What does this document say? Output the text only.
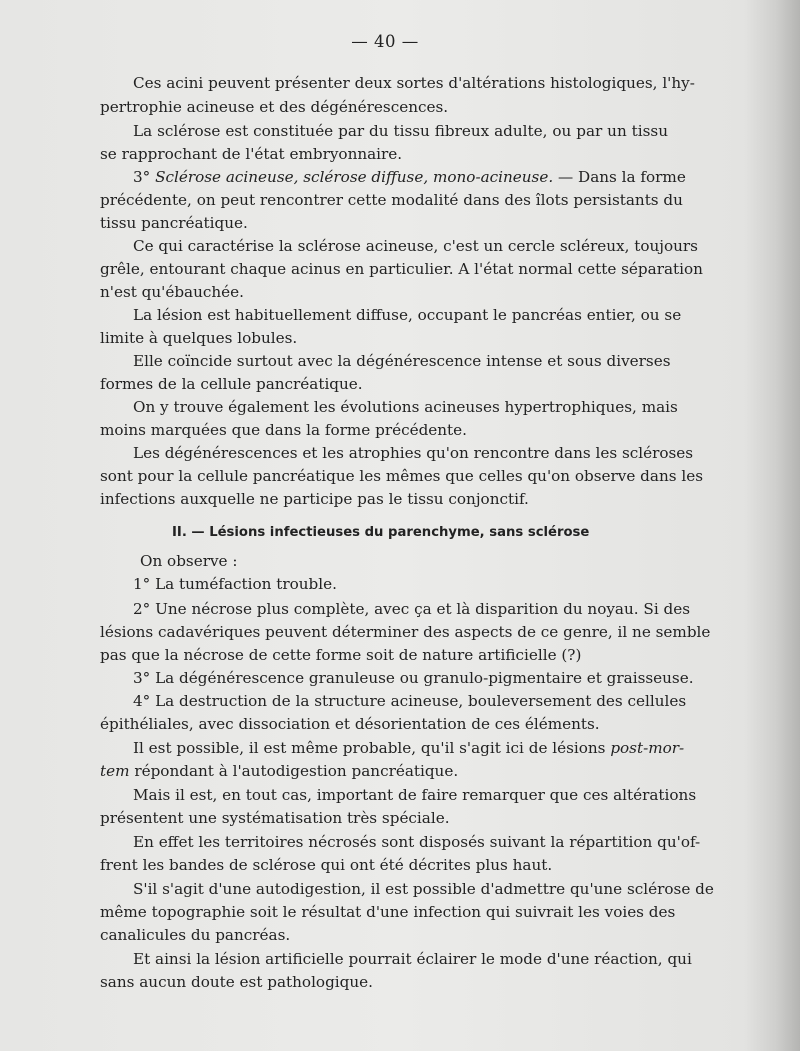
— 40 —
Ces acini peuvent présenter deux sortes d'altérations histologiques, l'hy-
pertrophie acineuse et des dégénérescences.
La sclérose est constituée par du tissu fibreux adulte, ou par un tissu
se rapprochant de l'état embryonnaire.
3° Sclérose acineuse, sclérose diffuse, mono-acineuse. — Dans la forme
précédente, on peut rencontrer cette modalité dans des îlots persistants du
tissu pancréatique.
Ce qui caractérise la sclérose acineuse, c'est un cercle scléreux, toujours
grêle, entourant chaque acinus en particulier. A l'état normal cette séparation
n'est qu'ébauchée.
La lésion est habituellement diffuse, occupant le pancréas entier, ou se
limite à quelques lobules.
Elle coïncide surtout avec la dégénérescence intense et sous diverses
formes de la cellule pancréatique.
On y trouve également les évolutions acineuses hypertrophiques, mais
moins marquées que dans la forme précédente.
Les dégénérescences et les atrophies qu'on rencontre dans les scléroses
sont pour la cellule pancréatique les mêmes que celles qu'on observe dans les
infections auxquelle ne participe pas le tissu conjonctif.
II. — Lésions infectieuses du parenchyme, sans sclérose
On observe :
1° La tuméfaction trouble.
2° Une nécrose plus complète, avec ça et là disparition du noyau. Si des
lésions cadavériques peuvent déterminer des aspects de ce genre, il ne semble
pas que la nécrose de cette forme soit de nature artificielle (?)
3° La dégénérescence granuleuse ou granulo-pigmentaire et graisseuse.
4° La destruction de la structure acineuse, bouleversement des cellules
épithéliales, avec dissociation et désorientation de ces éléments.
Il est possible, il est même probable, qu'il s'agit ici de lésions post-mor-
tem répondant à l'autodigestion pancréatique.
Mais il est, en tout cas, important de faire remarquer que ces altérations
présentent une systématisation très spéciale.
En effet les territoires nécrosés sont disposés suivant la répartition qu'of-
frent les bandes de sclérose qui ont été décrites plus haut.
S'il s'agit d'une autodigestion, il est possible d'admettre qu'une sclérose de
même topographie soit le résultat d'une infection qui suivrait les voies des
canalicules du pancréas.
Et ainsi la lésion artificielle pourrait éclairer le mode d'une réaction, qui
sans aucun doute est pathologique.
